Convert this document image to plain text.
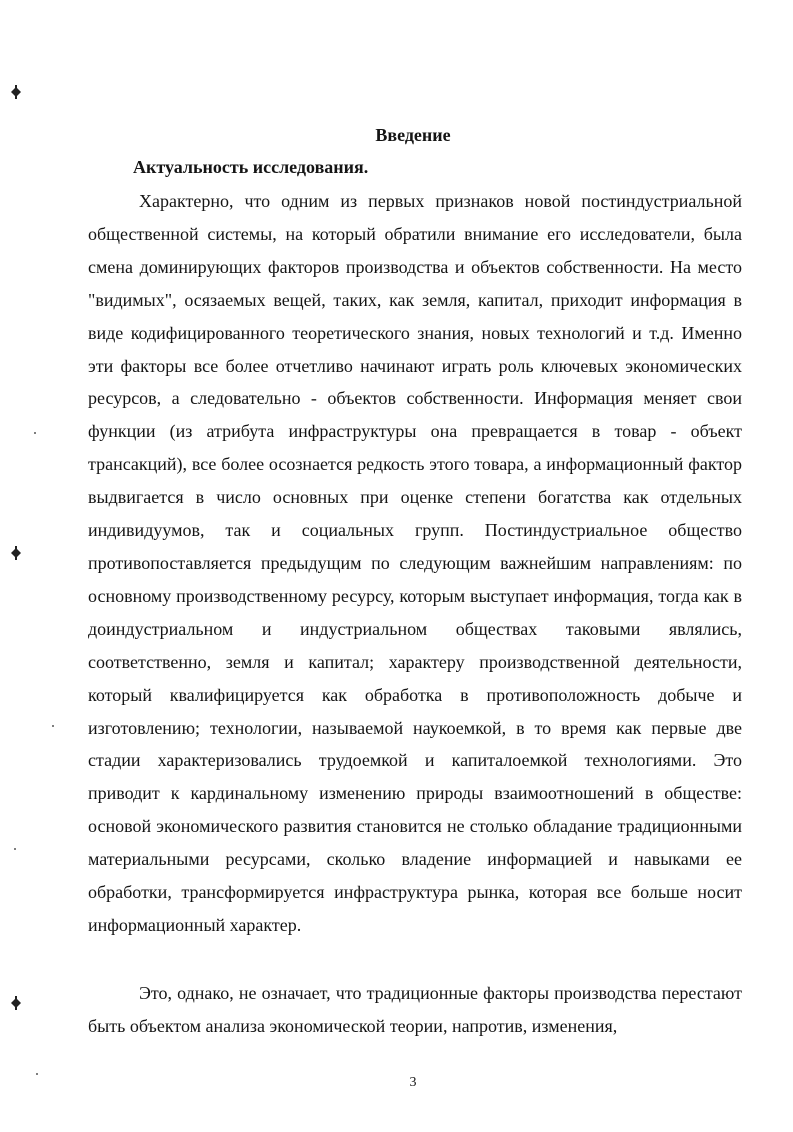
Введение
Актуальность исследования.

Характерно, что одним из первых признаков новой постиндустриальной общественной системы, на который обратили внимание его исследователи, была смена доминирующих факторов производства и объектов собственности. На место "видимых", осязаемых вещей, таких, как земля, капитал, приходит информация в виде кодифицированного теоретического знания, новых технологий и т.д. Именно эти факторы все более отчетливо начинают играть роль ключевых экономических ресурсов, а следовательно - объектов собственности. Информация меняет свои функции (из атрибута инфраструктуры она превращается в товар - объект трансакций), все более осознается редкость этого товара, а информационный фактор выдвигается в число основных при оценке степени богатства как отдельных индивидуумов, так и социальных групп. Постиндустриальное общество противопоставляется предыдущим по следующим важнейшим направлениям: по основному производственному ресурсу, которым выступает информация, тогда как в доиндустриальном и индустриальном обществах таковыми являлись, соответственно, земля и капитал; характеру производственной деятельности, который квалифицируется как обработка в противоположность добыче и изготовлению; технологии, называемой наукоемкой, в то время как первые две стадии характеризовались трудоемкой и капиталоемкой технологиями. Это приводит к кардинальному изменению природы взаимоотношений в обществе: основой экономического развития становится не столько обладание традиционными материальными ресурсами, сколько владение информацией и навыками ее обработки, трансформируется инфраструктура рынка, которая все больше носит информационный характер.

Это, однако, не означает, что традиционные факторы производства перестают быть объектом анализа экономической теории, напротив, изменения,

3
